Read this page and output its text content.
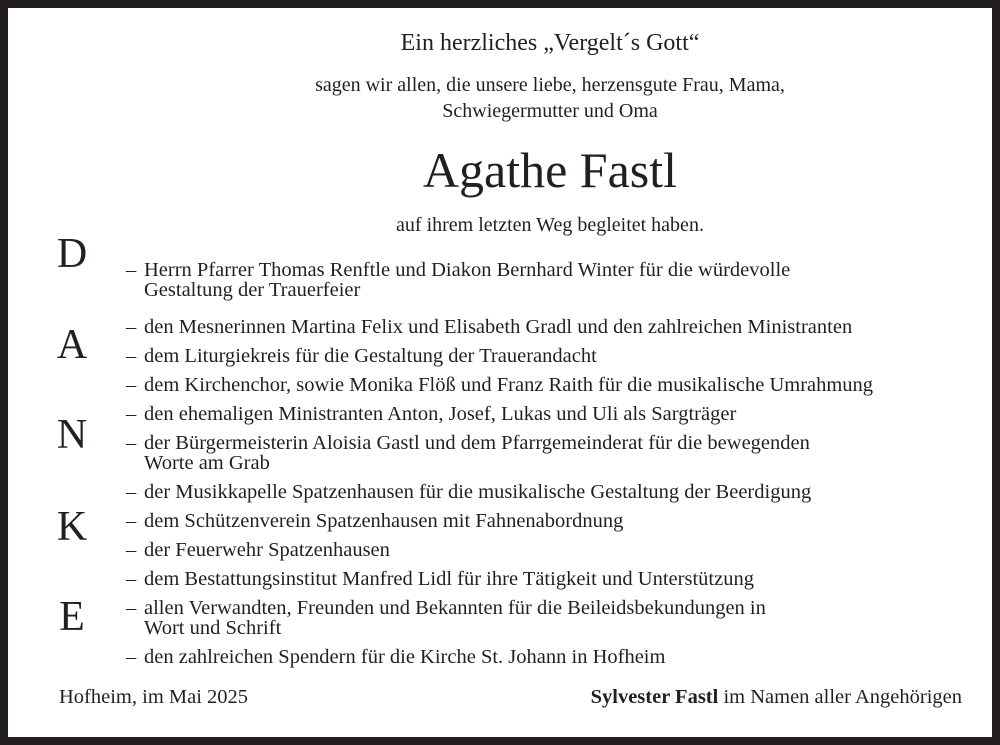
Ein herzliches „Vergelt´s Gott“
sagen wir allen, die unsere liebe, herzensgute Frau, Mama,
Schwiegermutter und Oma
Agathe Fastl
auf ihrem letzten Weg begleitet haben.
D
A
N
K
E
– Herrn Pfarrer Thomas Renftle und Diakon Bernhard Winter für die würdevolle
Gestaltung der Trauerfeier
– den Mesnerinnen Martina Felix und Elisabeth Gradl und den zahlreichen Ministranten
– dem Liturgiekreis für die Gestaltung der Trauerandacht
– dem Kirchenchor, sowie Monika Flöß und Franz Raith für die musikalische Umrahmung
– den ehemaligen Ministranten Anton, Josef, Lukas und Uli als Sargträger
– der Bürgermeisterin Aloisia Gastl und dem Pfarrgemeinderat für die bewegenden
Worte am Grab
– der Musikkapelle Spatzenhausen für die musikalische Gestaltung der Beerdigung
– dem Schützenverein Spatzenhausen mit Fahnenabordnung
– der Feuerwehr Spatzenhausen
– dem Bestattungsinstitut Manfred Lidl für ihre Tätigkeit und Unterstützung
– allen Verwandten, Freunden und Bekannten für die Beileidsbekundungen in
Wort und Schrift
– den zahlreichen Spendern für die Kirche St. Johann in Hofheim
Hofheim, im Mai 2025	Sylvester Fastl im Namen aller Angehörigen
